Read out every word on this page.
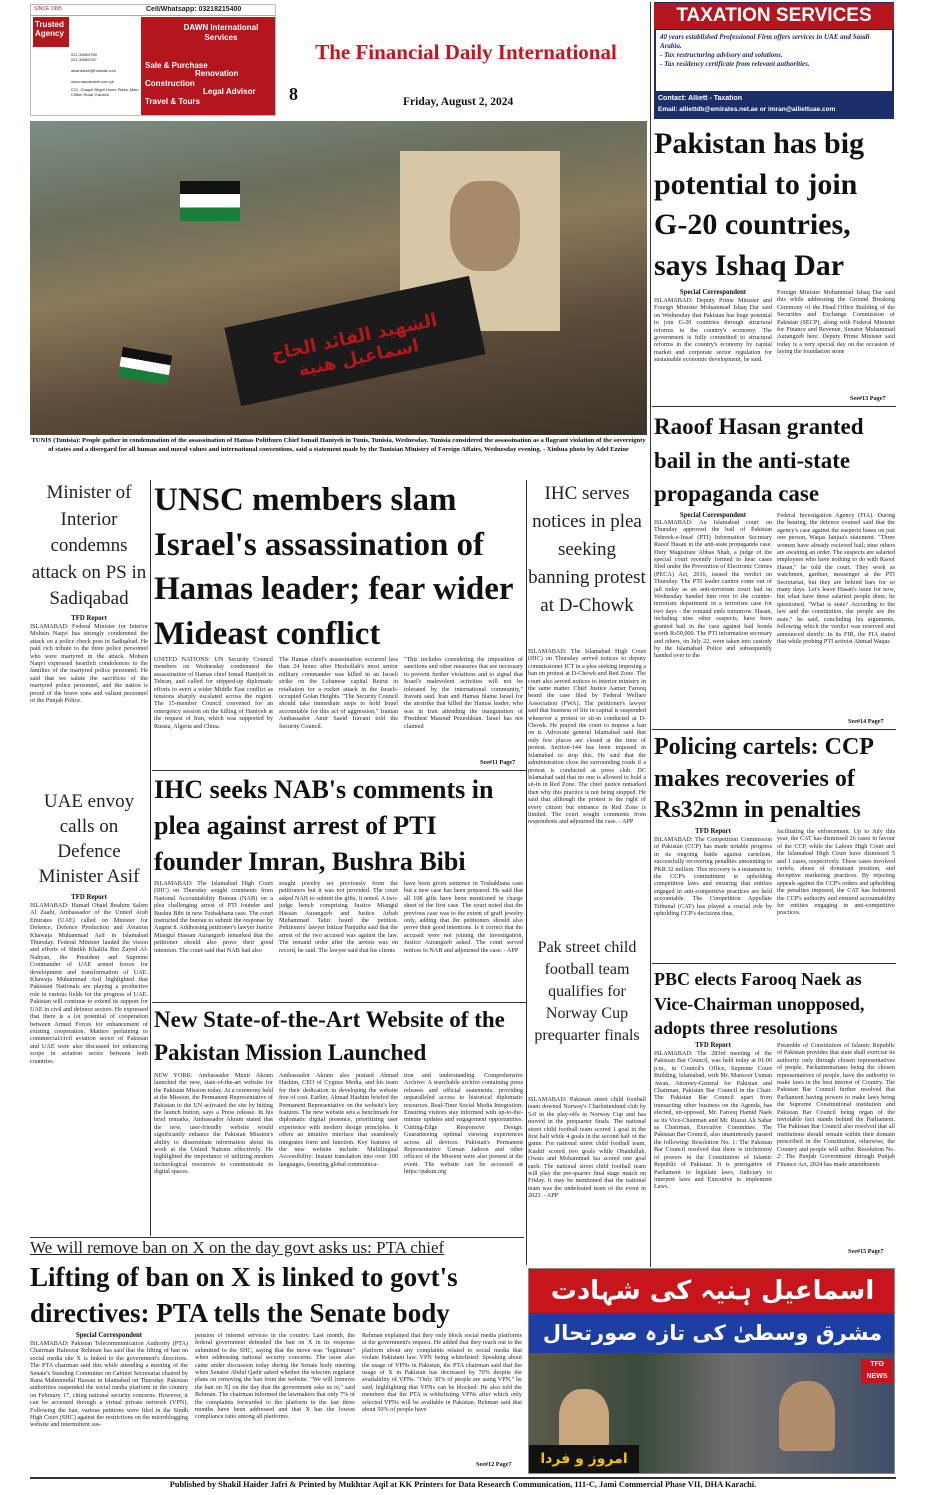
SINCE 1995	Cell/Whatsapp: 03218215400
Trusted
Agency
021-35863785
021-35863787
dawntravel@hotmail.com
www.dawntravel.com.pk
C12, Chapel Bright Home Plaza, Main Clifton Road, Karachi
DAWN International Services
Sale & Purchase
Renovation
Construction
Legal Advisor
Travel & Tours
The Financial Daily International
8	Friday, August 2, 2024
TAXATION SERVICES
40 years established Professional Firm offers services in UAE and Saudi Arabia.
- Tax restructuring advisory and solutions.
- Tax residency certificate from relevant authorities.
Contact: Alliett - Taxation
Email: alliettdb@emirates.net.ae or imran@alliettuae.com
الشهيد القائد الحاج اسماعيل هنية
TUNIS (Tunisia): People gather in condemnation of the assassination of Hamas Politburo Chief Ismail Haniyeh in Tunis, Tunisia, Wednesday. Tunisia considered the assassination as a flagrant violation of the sovereignty of states and a disregard for all human and moral values and international conventions, said a statement made by the Tunisian Ministry of Foreign Affairs, Wednesday evening. - Xinhua photo by Adel Ezzine
Pakistan has big potential to join G-20 countries, says Ishaq Dar
Special Correspondent
ISLAMABAD: Deputy Prime Minister and Foreign Minister Mohammad Ishaq Dar said on Wednesday that Pakistan has huge potential to join G-20 countries through structural reforms in the country's economy. The government is fully committed to structural reforms in the country's economy by capital market and corporate sector regulation for sustainable economic development, he said.
Foreign Minister Mohammad Ishaq Dar said this while addressing the Ground Breaking Ceremony of the Head Office Building of the Securities and Exchange Commission of Pakistan (SECP), along with Federal Minister for Finance and Revenue, Senator Muhammad Aurangzeb here. Deputy Prime Minister said today is a very special day on the occasion of laying the foundation stone
See#13 Page7
Raoof Hasan granted bail in the anti-state propaganda case
Special Correspondent
ISLAMABAD: An Islamabad court on Thursday approved the bail of Pakistan Tehreek-e-Insaf (PTI) Information Secretary Raoof Hasan in the anti-state propaganda case. Duty Magistrate Abbas Shah, a judge of the special court recently formed to hear cases filed under the Prevention of Electronic Crimes (PECA) Act, 2016, issued the verdict on Thursday. The PTI leader cannot come out of jail today as an anti-terrorism court had on Wednesday handed him over to the counter-terrorism department in a terrorism case for two days - the remand ends tomorrow. Hasan, including nine other suspects, have been granted bail in the case against bail bonds worth Rs50,000. The PTI information secretary and others, on July 22, were taken into custody by the Islamabad Police and subsequently handed over to the
Federal Investigation Agency (FIA). During the hearing, the defence counsel said that the agency's case against the suspects bases on just one person, Waqas Janjua's statement. "Three women have already recieved bail; nine others are awaiting an order. The suspects are salaried employees who have nothing to do with Raoof Hasan," he told the court. They work as watchmen, gardner, messenger at the PTI Secretariat, but they are behind bars for so many days. Let's leave Hasan's issue for now, but what have these salaried people done, he questioned. "What is state? According to the law and the constitution, the people are the state," he said, concluding his arguments, following which the verdict was reserved and announced shortly. In its FIR, the FIA stated that while probing PTI activist Ahmad Waqas
See#14 Page7
Policing cartels: CCP makes recoveries of Rs32mn in penalties
TFD Report
ISLAMABAD: The Competition Commission of Pakistan (CCP) has made notable progress in its ongoing battle against cartelism, successfully recovering penalties amounting to PKR 32 million. This recovery is a testament to the CCP's commitment to upholding competition laws and ensuring that entities engaged in anti-competitive practices are held accountable. The Competition Appellate Tribunal (CAT) has played a crucial role by upholding CCP's decisions thus,
facilitating the enforcement. Up to July this year, the CAT has dismissed 26 cases in favour of the CCP, while the Lahore High Court and the Islamabad High Court have dismissed 5 and 1 cases, respectively. These cases involved cartels, abuse of dominant position, and deceptive marketing practices. By rejecting appeals against the CCP's orders and upholding the penalties imposed, the CAT has bolstered the CCP's authority and ensured accountability for entities engaging in anti-competitive practices.
PBC elects Farooq Naek as Vice-Chairman unopposed, adopts three resolutions
TFD Report
ISLAMABAD: The 283rd meeting of the Pakistan Bar Council, was held today at 01:00 p.m., in Council's Office, Supreme Court Building, Islamabad, with Mr. Mansoor Usman Awan, Attorney-General for Pakistan and Chairman, Pakistan Bar Council in the Chair. The Pakistan Bar Council apart from transacting other business on the Agenda, has elected, un-opposed, Mr. Farooq Hamid Naek as its Vice-Chairman and Mr. Riazat Ali Sahar as Chairman, Executive Committee. The Pakistan Bar Council, also unanimously passed the following: Resolution No. 1: The Pakistan Bar Council resolved that there is trichotomy of powers in the Constitution of Islamic Republic of Pakistan. It is prerogative of Parliament to legislate laws, Judiciary to interpret laws and Executive to implement Laws.
Preamble of Constitution of Islamic Republic of Pakistan provides that state shall exercise its authority only through chosen representatives of people. Parliamentarians being the chosen representatives of people, have the authority to make laws in the best interest of Country. The Pakistan Bar Council further resolved that Parliament having powers to make laws being the Supreme Constitutional institution and Pakistan Bar Council being organ of the inviolable fact stands behind the Parliament. The Pakistan Bar Council also resolved that all institutions should remain within their domain prescribed in the Constitution, otherwise, the Country and people will suffer. Resolution No. 2: The Punjab Government through Punjab Finance Act, 2024 has made amendments
See#15 Page7
Minister of Interior condemns attack on PS in Sadiqabad
TFD Report
ISLAMABAD: Federal Minister for Interior Mohsin Naqvi has strongly condemned the attack on a police check post in Sadiqabad. He paid rich tribute to the three police personnel who were martyred in the attack. Mohsin Naqvi expressed heartfelt condolences to the families of the martyred police personnel. He said that we salute the sacrifices of the martyred police personnel, and the nation is proud of the brave sons and valiant personnel of the Punjab Police.
UAE envoy calls on Defence Minister Asif
TFD Report
ISLAMABAD: Hamad Obaid Ibrahim Salem Al Zaabi, Ambassador of the United Arab Emirates (UAE) called on Minister for Defence, Defence Production and Aviation Khawaja Muhammad Asif in Islamabad Thursday. Federal Minister lauded the vision and efforts of Sheikh Khalifa Bin Zayed Al-Nahyan, the President and Supreme Commander of UAE armed forces for development and transformation of UAE. Khawaja Muhammad Asif highlighted that Pakistani Nationals are playing a productive role in various fields for the progress of UAE. Pakistan will continue to extend its support for UAE in civil and defence sectors. He expressed that there is a lot potential of cooperation between Armed Forces for enhancement of existing cooperation. Matters pertaining to commercial/civil aviation sector of Pakistan and UAE were also discussed for enhancing scope in aviation sector between both countries.
UNSC members slam Israel's assassination of Hamas leader; fear wider Mideast conflict
UNITED NATIONS: UN Security Council members on Wednesday condemned the assassination of Hamas chief Ismail Haniyeh in Tehran, and called for stepped-up diplomatic efforts to avert a wider Middle East conflict as tensions sharply escalated across the region. The 15-member Council convened for an emergency session on the killing of Haniyeh at the request of Iran, which was supported by Russia, Algeria and China.
The Hamas chief's assassination occurred less than 24 hours after Hezbollah's most senior military commander was killed in an Israeli strike on the Lebanese capital Beirut in retaliation for a rocket attack in the Israeli-occupied Golan Heights. "The Security Council should take immediate steps to hold Israel accountable for this act of aggression," Iranian Ambassador Amir Saeid Iravani told the Security Council.
"This includes considering the imposition of sanctions and other measures that are necessary to prevent further violations and to signal that Israel's malevolent activities will not be tolerated by the international community," Iravani said. Iran and Hamas blame Israel for the airstrike that killed the Hamas leader, who was in Iran attending the inauguration of President Masoud Pezeshkian. Israel has not claimed
See#11 Page7
IHC seeks NAB's comments in plea against arrest of PTI founder Imran, Bushra Bibi
ISLAMABAD: The Islamabad High Court (IHC) on Thursday sought comments from National Accountability Bureau (NAB) on a plea challenging arrest of PTI founder and Bushra Bibi in new Toshakhana case. The court instructed the bureau to submit the response by August 8. Addressing petitioner's lawyer Justice Miangul Hassan Aurangzeb remarked that the petitioner should also prove their good intention. The court said that NAB had also
sought jewelry set previously from the petitioners but it was not provided. The court asked NAB to submit the gifts, it noted. A two-judge bench comprising Justice Miangul Hassan Aurangzeb and Justice Arbab Muhammad Tahir heard the petition. Petitioners' lawyer Intizar Panjutha said that the arrest of the two accused was against the law. The remand order after the arrests was on record, he said. The lawyer said that his clients
have been given sentence in Toshakhana case but a new case has been prepared. He said that all 108 gifts have been mentioned in charge sheet of the first case. The court noted that the previous case was to the extent of graff jewelry only, adding that the petitioners should also prove their good intentions. Is it correct that the accused were not joining the investigation, Justice Aurangzeb asked. The court served notices to NAB and adjourned the case. - APP
New State-of-the-Art Website of the Pakistan Mission Launched
NEW YORK: Ambassador Munir Akram launched the new, state-of-the-art website for the Pakistan Mission today. At a ceremony held at the Mission, the Permanent Representative of Pakistan to the UN activated the site by hitting the launch button, says a Press release. In his brief remarks, Ambassador Akram stated that the new, user-friendly website would significantly enhance the Pakistan Mission's ability to disseminate information about its work at the United Nations effectively. He highlighted the importance of utilizing modern technological resources to communicate in digital spaces.
Ambassador Akram also praised Ahmad Hashim, CEO of Cygnus Media, and his team for their dedication in developing the website free of cost. Earlier, Ahmad Hashim briefed the Permanent Representative on the website's key features. The new website sets a benchmark for diplomatic digital presence, prioritizing user experience with modern design principles. It offers an intuitive interface that seamlessly integrates form and function. Key features of the new website include: Multilingual Accessibility: Instant translation into over 100 languages, fostering global communica-
tion and understanding. Comprehensive Archive: A searchable archive containing press releases and official statements, providing unparalleled access to historical diplomatic resources. Real-Time Social Media Integration: Ensuring visitors stay informed with up-to-the-minute updates and engagement opportunities. Cutting-Edge Responsive Design: Guaranteeing optimal viewing experiences across all devices. Pakistan's Permanent Representative Usman Jadoon and other officers of the Mission were also present at the event. The website can be accessed at https://pakun.org
IHC serves notices in plea seeking banning protest at D-Chowk
ISLAMABAD: The Islamabad High Court (IHC) on Thursday served notices to deputy commissioner ICT in a plea seeking imposing a ban on protest at D-Chowk and Red Zone. The court also served notices to interior ministry in the same matter. Chief Justice Aamer Farooq heard the case filed by Federal Welfare Association (FWA). The petitioner's lawyer said that business of life in capital is suspended whenever a protest or sit-in conducted at D-Chowk. He prayed the court to impose a ban on it. Advocate general Islamabad said that only few places are closed at the time of protest. Section-144 has been imposed in Islamabad to stop this. He said that the administration close the surrounding roads if a protest is conducted at press club. DC Islamabad said that no one is allowed to hold a sit-in in Red Zone. The chief justice remarked then why this practice is not being stopped. He said that although the protest is the right of every citizen but entrance in Red Zone is limited. The court sought comments from respondents and adjourned the case. - APP
Pak street child football team qualifies for Norway Cup prequarter finals
ISLAMABAD: Pakistan street child football team downed Norway's Charlottenlund club by 5-0 in the play-offs in Norway Cup and has moved in the prequarter finals. The national street child football team scored 1 goal in the first half while 4 goals in the second half of the game. For national street child football team, Kashif scored two goals while Obaidullah, Owais and Mohammad Isa scored one goal each. The national street child football team will play the pre-quarter final stage match on Friday. It may be mentioned that the national team was the undefeated team of the event in 2023. - APP
We will remove ban on X on the day govt asks us: PTA chief
Lifting of ban on X is linked to govt's directives: PTA tells the Senate body
Special Correspondent
ISLAMABAD: Pakistan Telecommunication Authority (PTA) Chairman Hafeezur Rehman has said that the lifting of ban on social media site X is linked to the government's directives. The PTA chairman said this while attending a meeting of the Senate's Standing Committee on Cabinet Secretariat chaired by Rana Mahmoodul Hassan in Islamabad on Thursday. Pakistan authorities suspended the social media platform in the country on February 17, citing national security concerns. However, it can be accessed through a virtual private network (VPN). Following the ban, various petitions were filed in the Sindh High Court (SHC) against the restrictions on the microblogging website and intermittent sus-
pension of internet services in the country. Last month, the federal government defended the ban on X in its response submitted to the SHC, saying that the move was "legitimate" when addressing national security concerns. The issue also came under discussion today during the Senate body meeting when Senator Abdul Qadir asked whether the telecom regulator plans on removing the ban from the website. "We will [remove the ban on X] on the day that the government asks us to," said Rehman. The chairman informed the lawmakers that only 7% of the complaints forwarded to the platform in the last three months have been addressed and that X has the lowest compliance ratio among all platforms.
Rehman explained that they only block social media platforms at the government's request. He added that they reach out to the platform about any complaints related to social media that violate Pakistani law. VPN being whitelisted: Speaking about the usage of VPNs in Pakistan, the PTA chairman said that the usage of X in Pakistan has decreased by 70% despite the availability of VPNs. "Only 30% of people are using VPN," he said, highlighting that VPNs can be blocked. He also told the members that the PTA is whitelisting VPNs after which only selected VPNs will be available in Pakistan. Rehman said that about 50% of people have
See#12 Page7
اسماعیل ہنیہ کی شہادت
مشرق وسطیٰ کی تازہ صورتحال
TFD NEWS
امروز و فردا
Published by Shakil Haider Jafri & Printed by Mukhtar Aqil at KK Printers for Data Research Communication, 111-C, Jami Commercial Phase VII, DHA Karachi.
